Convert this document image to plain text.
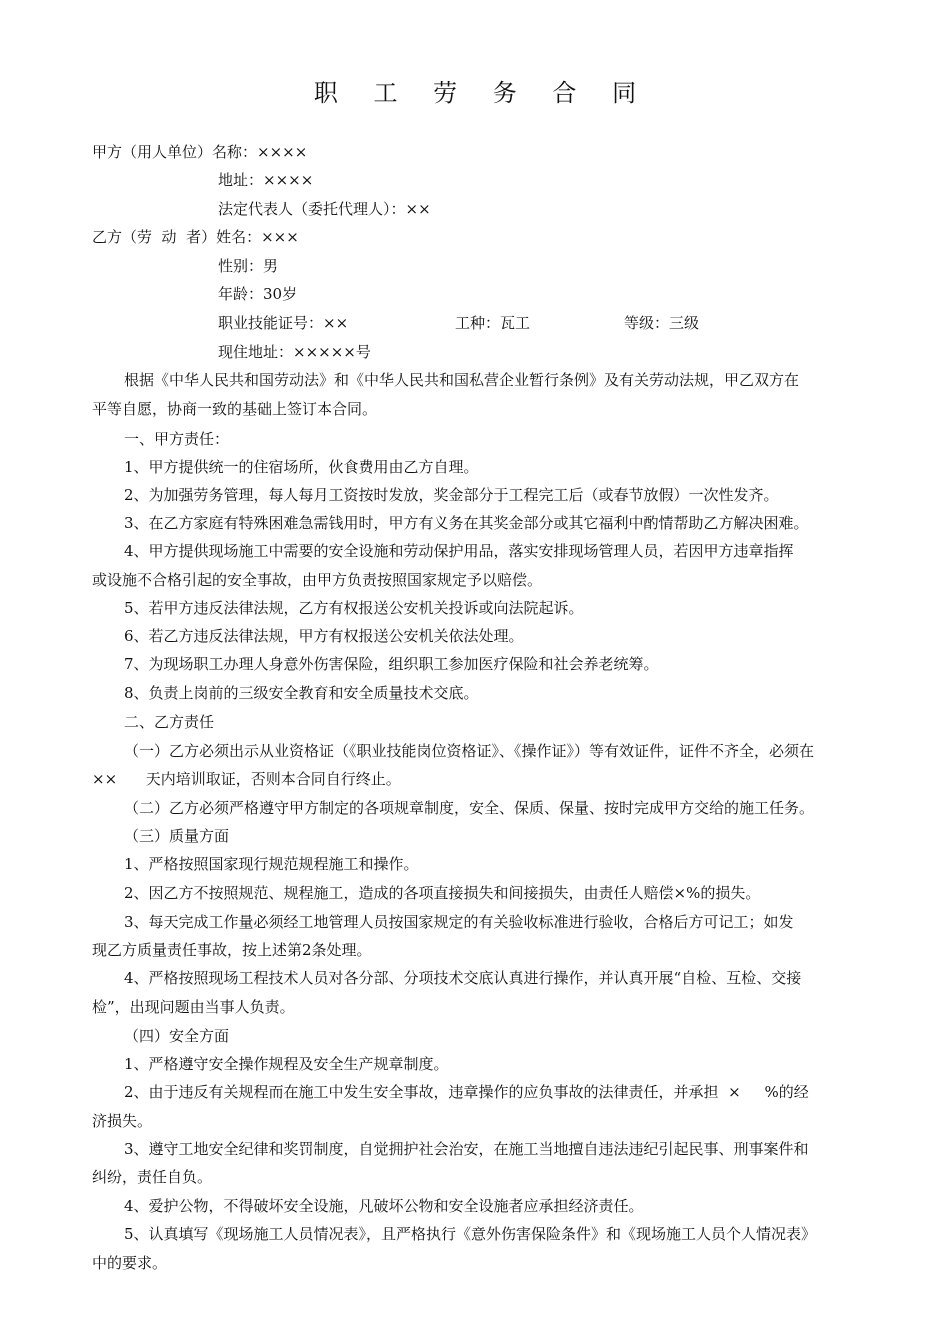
职 工 劳 务 合 同
甲方（用人单位）名称：××××
地址：××××
法定代表人（委托代理人）：××
乙方（劳  动  者）姓名：×××
性别：男
年龄：30岁
职业技能证号：××	工种：瓦工	等级：三级
现住地址：×××××号
根据《中华人民共和国劳动法》和《中华人民共和国私营企业暂行条例》及有关劳动法规，甲乙双方在
平等自愿，协商一致的基础上签订本合同。
一、甲方责任：
1、甲方提供统一的住宿场所，伙食费用由乙方自理。
2、为加强劳务管理，每人每月工资按时发放，奖金部分于工程完工后（或春节放假）一次性发齐。
3、在乙方家庭有特殊困难急需钱用时，甲方有义务在其奖金部分或其它福利中酌情帮助乙方解决困难。
4、甲方提供现场施工中需要的安全设施和劳动保护用品，落实安排现场管理人员，若因甲方违章指挥
或设施不合格引起的安全事故，由甲方负责按照国家规定予以赔偿。
5、若甲方违反法律法规，乙方有权报送公安机关投诉或向法院起诉。
6、若乙方违反法律法规，甲方有权报送公安机关依法处理。
7、为现场职工办理人身意外伤害保险，组织职工参加医疗保险和社会养老统筹。
8、负责上岗前的三级安全教育和安全质量技术交底。
二、乙方责任
（一）乙方必须出示从业资格证（《职业技能岗位资格证》、《操作证》）等有效证件，证件不齐全，必须在
××      天内培训取证，否则本合同自行终止。
（二）乙方必须严格遵守甲方制定的各项规章制度，安全、保质、保量、按时完成甲方交给的施工任务。
（三）质量方面
1、严格按照国家现行规范规程施工和操作。
2、因乙方不按照规范、规程施工，造成的各项直接损失和间接损失，由责任人赔偿×%的损失。
3、每天完成工作量必须经工地管理人员按国家规定的有关验收标准进行验收，合格后方可记工；如发
现乙方质量责任事故，按上述第2条处理。
4、严格按照现场工程技术人员对各分部、分项技术交底认真进行操作，并认真开展“自检、互检、交接
检”，出现问题由当事人负责。
（四）安全方面
1、严格遵守安全操作规程及安全生产规章制度。
2、由于违反有关规程而在施工中发生安全事故，违章操作的应负事故的法律责任，并承担  ×     %的经
济损失。
3、遵守工地安全纪律和奖罚制度，自觉拥护社会治安，在施工当地擅自违法违纪引起民事、刑事案件和
纠纷，责任自负。
4、爱护公物，不得破坏安全设施，凡破坏公物和安全设施者应承担经济责任。
5、认真填写《现场施工人员情况表》，且严格执行《意外伤害保险条件》和《现场施工人员个人情况表》
中的要求。
